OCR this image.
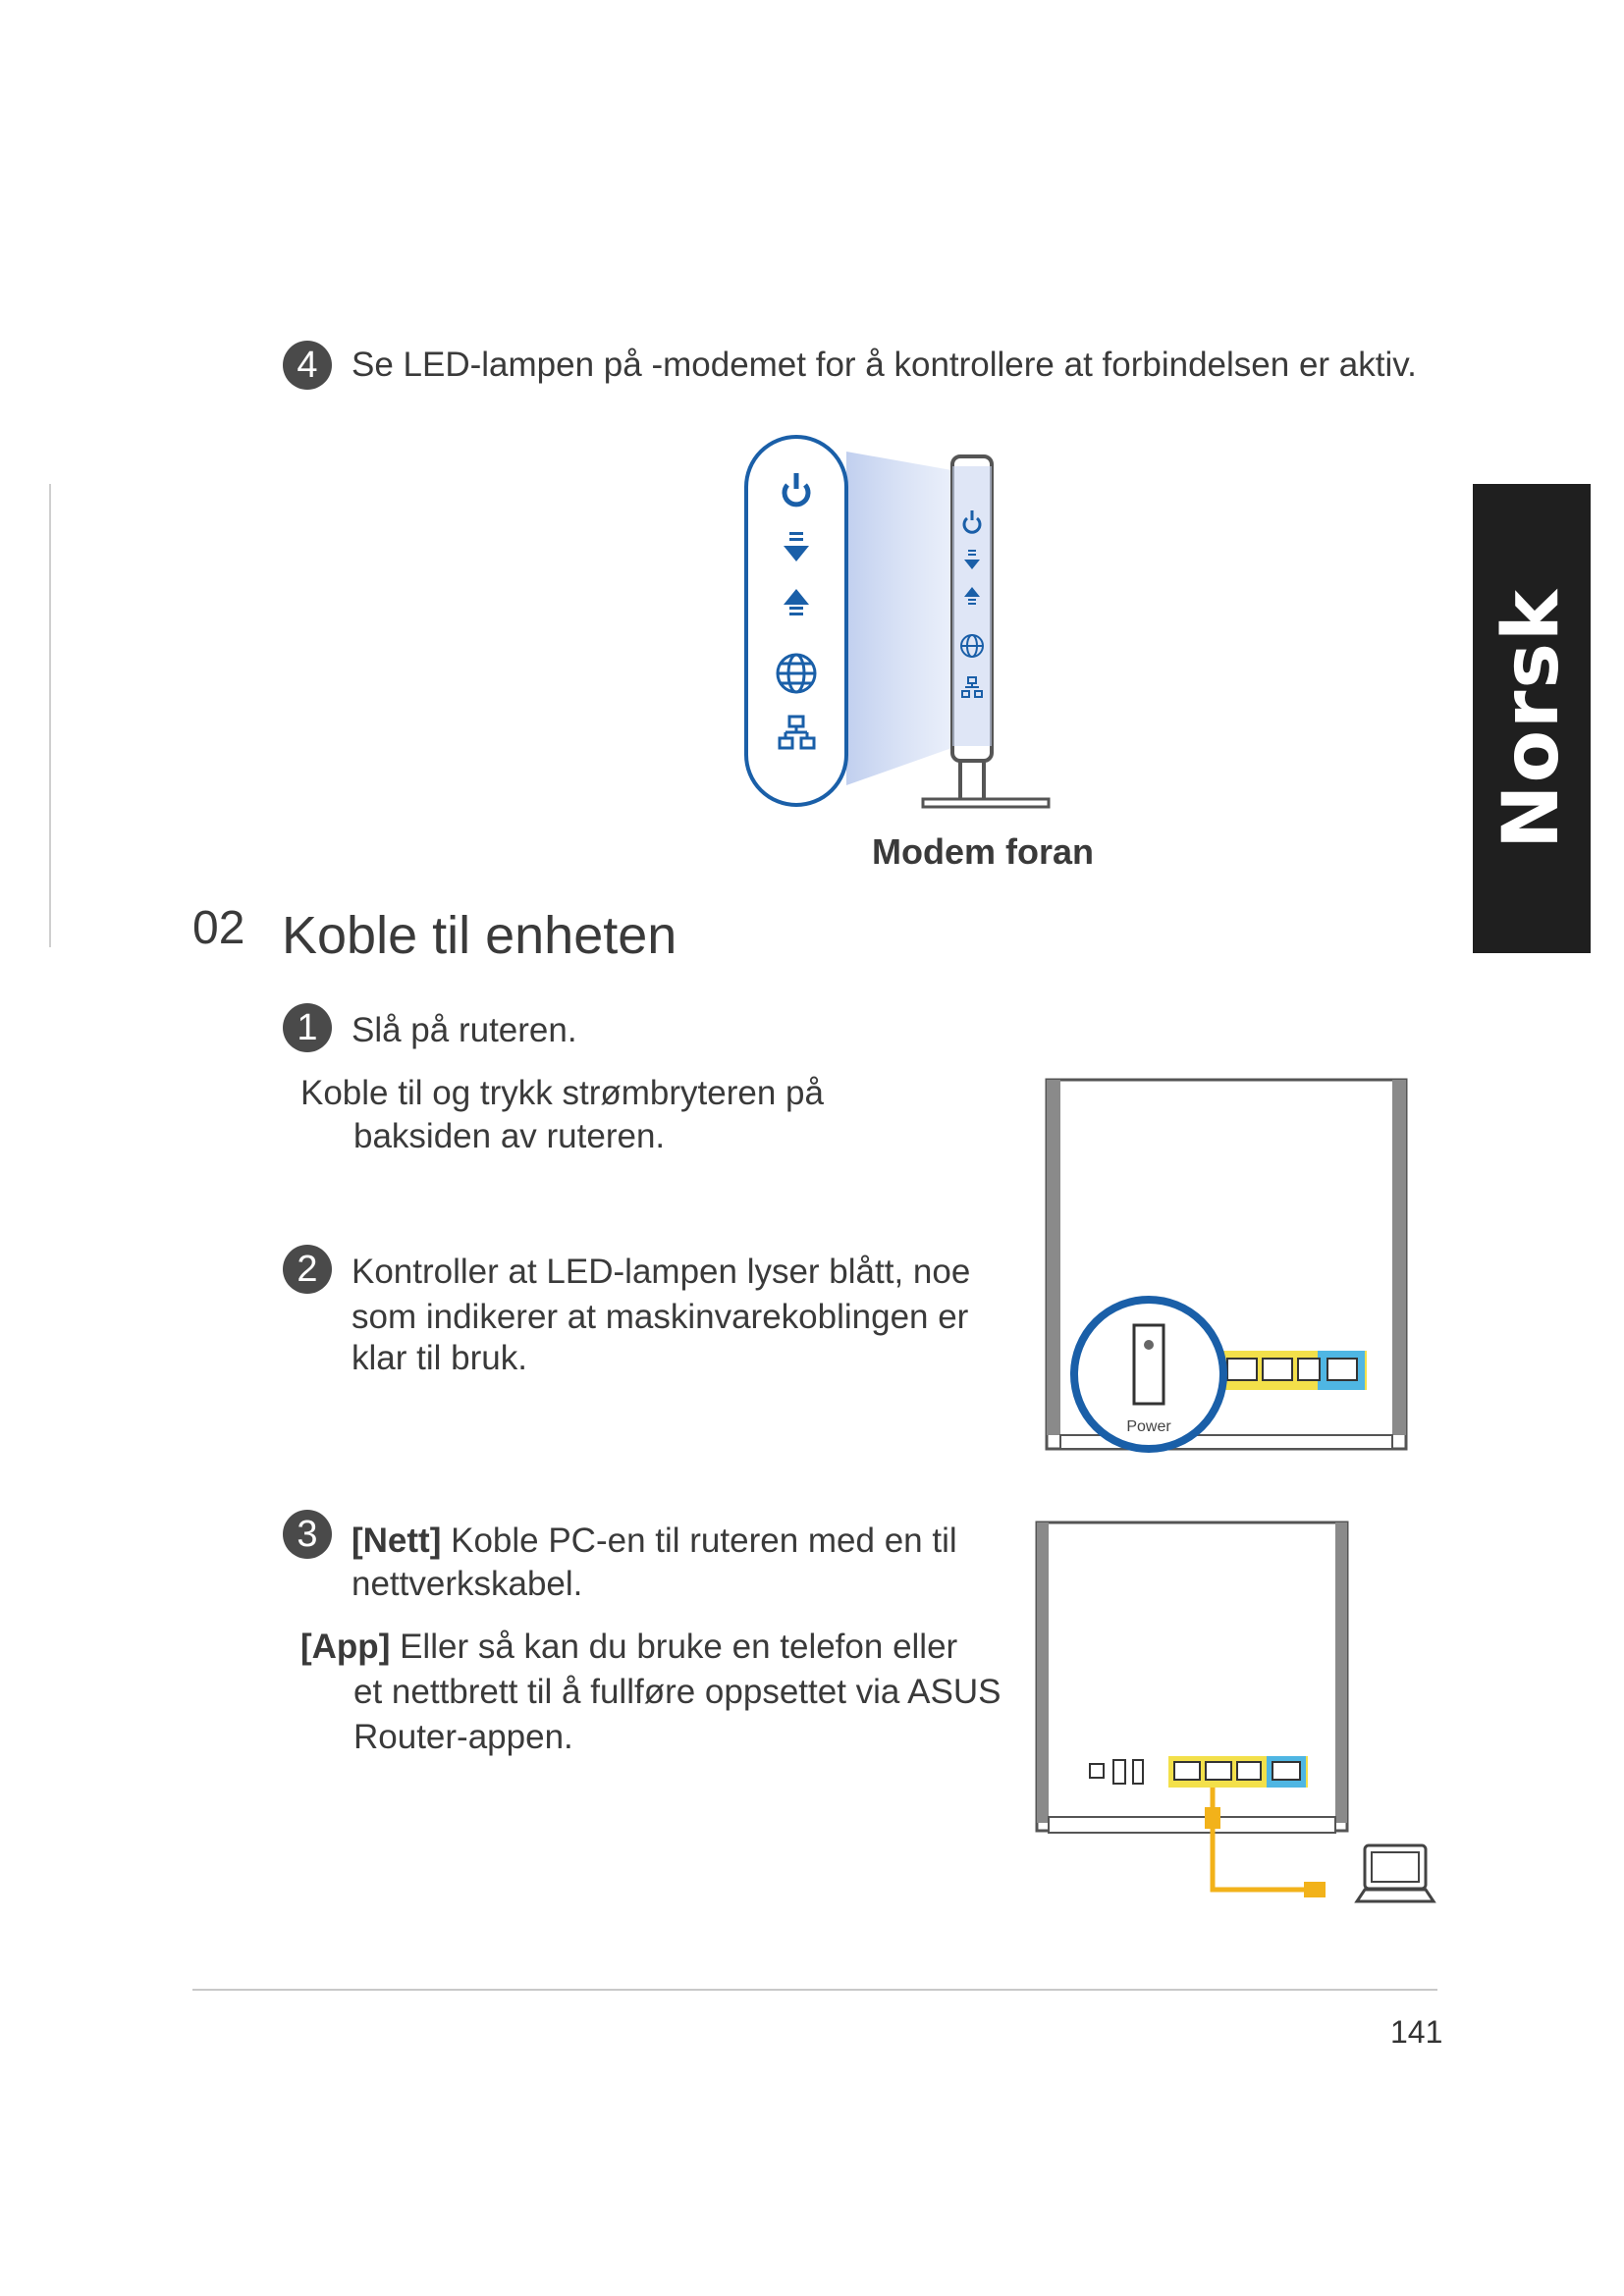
4 Se LED-lampen på -modemet for å kontrollere at forbindelsen er aktiv.
Modem foran
02 Koble til enheten
1 Slå på ruteren.
Koble til og trykk strømbryteren på
baksiden av ruteren.
Power
2 Kontroller at LED-lampen lyser blått, noe
som indikerer at maskinvarekoblingen er
klar til bruk.
3 [Nett] Koble PC-en til ruteren med en til
nettverkskabel.
[App] Eller så kan du bruke en telefon eller
et nettbrett til å fullføre oppsettet via ASUS
Router-appen.
Norsk
141
